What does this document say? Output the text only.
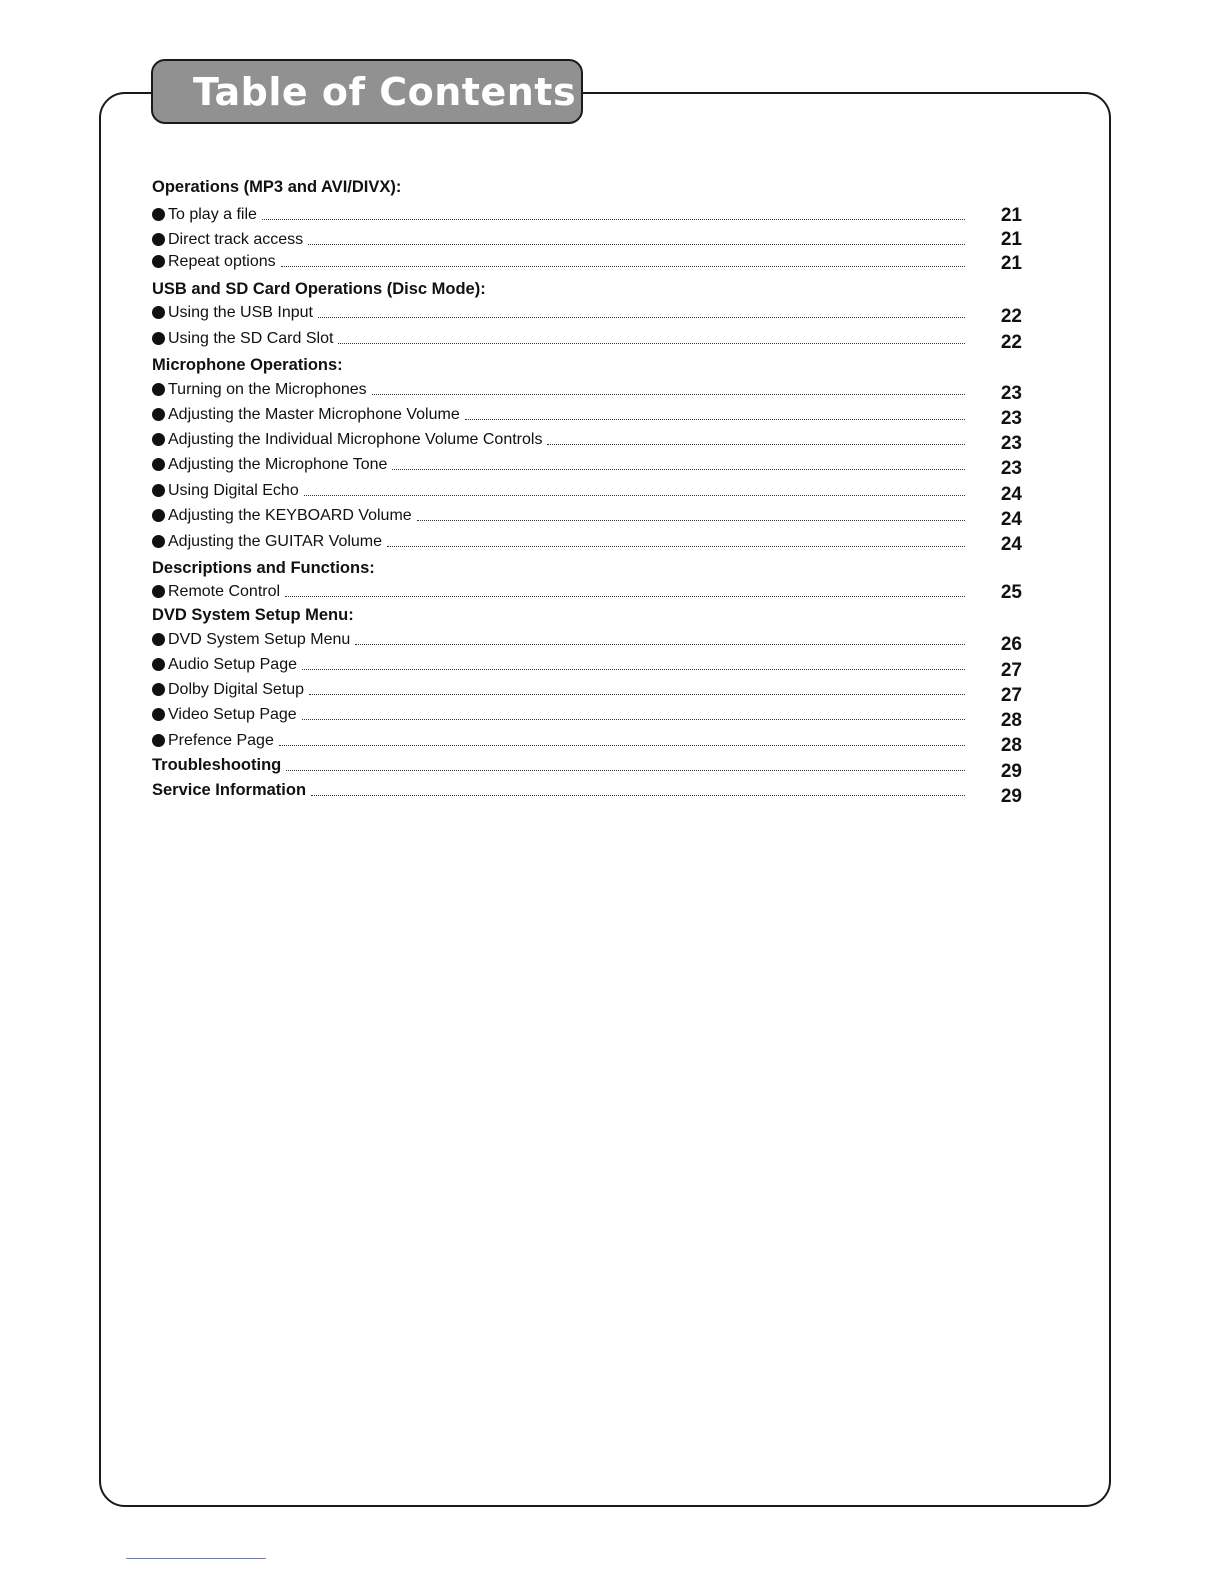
Table of Contents
Operations (MP3 and AVI/DIVX):
To play a file	21
Direct track access	21
Repeat options	21
USB and SD Card Operations (Disc Mode):
Using the USB Input	22
Using the SD Card Slot	22
Microphone Operations:
Turning on the Microphones	23
Adjusting the Master Microphone Volume	23
Adjusting the Individual Microphone Volume Controls	23
Adjusting the Microphone Tone	23
Using Digital Echo	24
Adjusting the KEYBOARD Volume	24
Adjusting the GUITAR Volume	24
Descriptions and Functions:
Remote Control	25
DVD System Setup Menu:
DVD System Setup Menu	26
Audio Setup Page	27
Dolby Digital Setup	27
Video Setup Page	28
Prefence Page	28
Troubleshooting	29
Service Information	29
